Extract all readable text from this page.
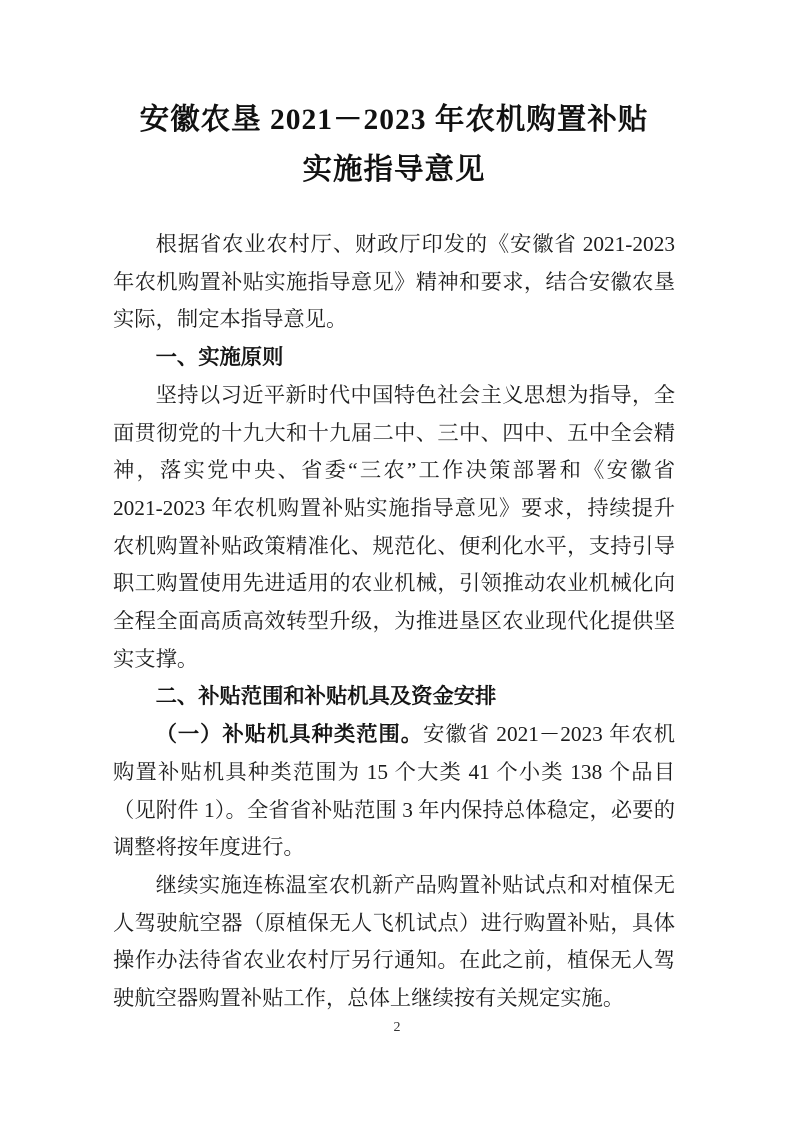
安徽农垦 2021－2023 年农机购置补贴
实施指导意见

根据省农业农村厅、财政厅印发的《安徽省 2021-2023 年农机购置补贴实施指导意见》精神和要求，结合安徽农垦实际，制定本指导意见。

一、实施原则

坚持以习近平新时代中国特色社会主义思想为指导，全面贯彻党的十九大和十九届二中、三中、四中、五中全会精神，落实党中央、省委“三农”工作决策部署和《安徽省 2021-2023 年农机购置补贴实施指导意见》要求，持续提升农机购置补贴政策精准化、规范化、便利化水平，支持引导职工购置使用先进适用的农业机械，引领推动农业机械化向全程全面高质高效转型升级，为推进垦区农业现代化提供坚实支撑。

二、补贴范围和补贴机具及资金安排

（一）补贴机具种类范围。安徽省 2021－2023 年农机购置补贴机具种类范围为 15 个大类 41 个小类 138 个品目（见附件 1）。全省省补贴范围 3 年内保持总体稳定，必要的调整将按年度进行。

继续实施连栋温室农机新产品购置补贴试点和对植保无人驾驶航空器（原植保无人飞机试点）进行购置补贴，具体操作办法待省农业农村厅另行通知。在此之前，植保无人驾驶航空器购置补贴工作，总体上继续按有关规定实施。

2
